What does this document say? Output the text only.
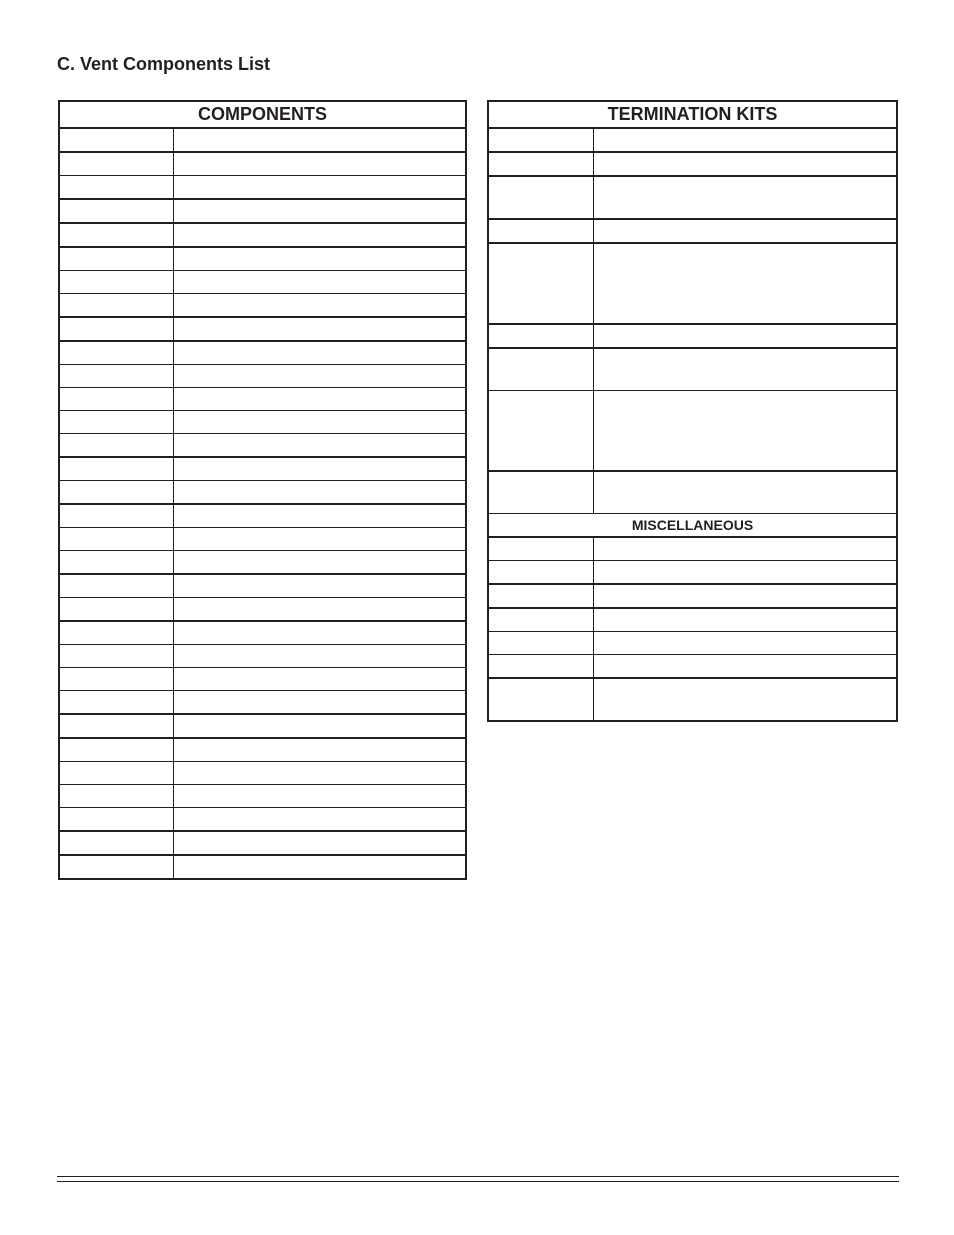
C. Vent Components List
COMPONENTS	

		TERMINATION KITS	

MISCELLANEOUS	
